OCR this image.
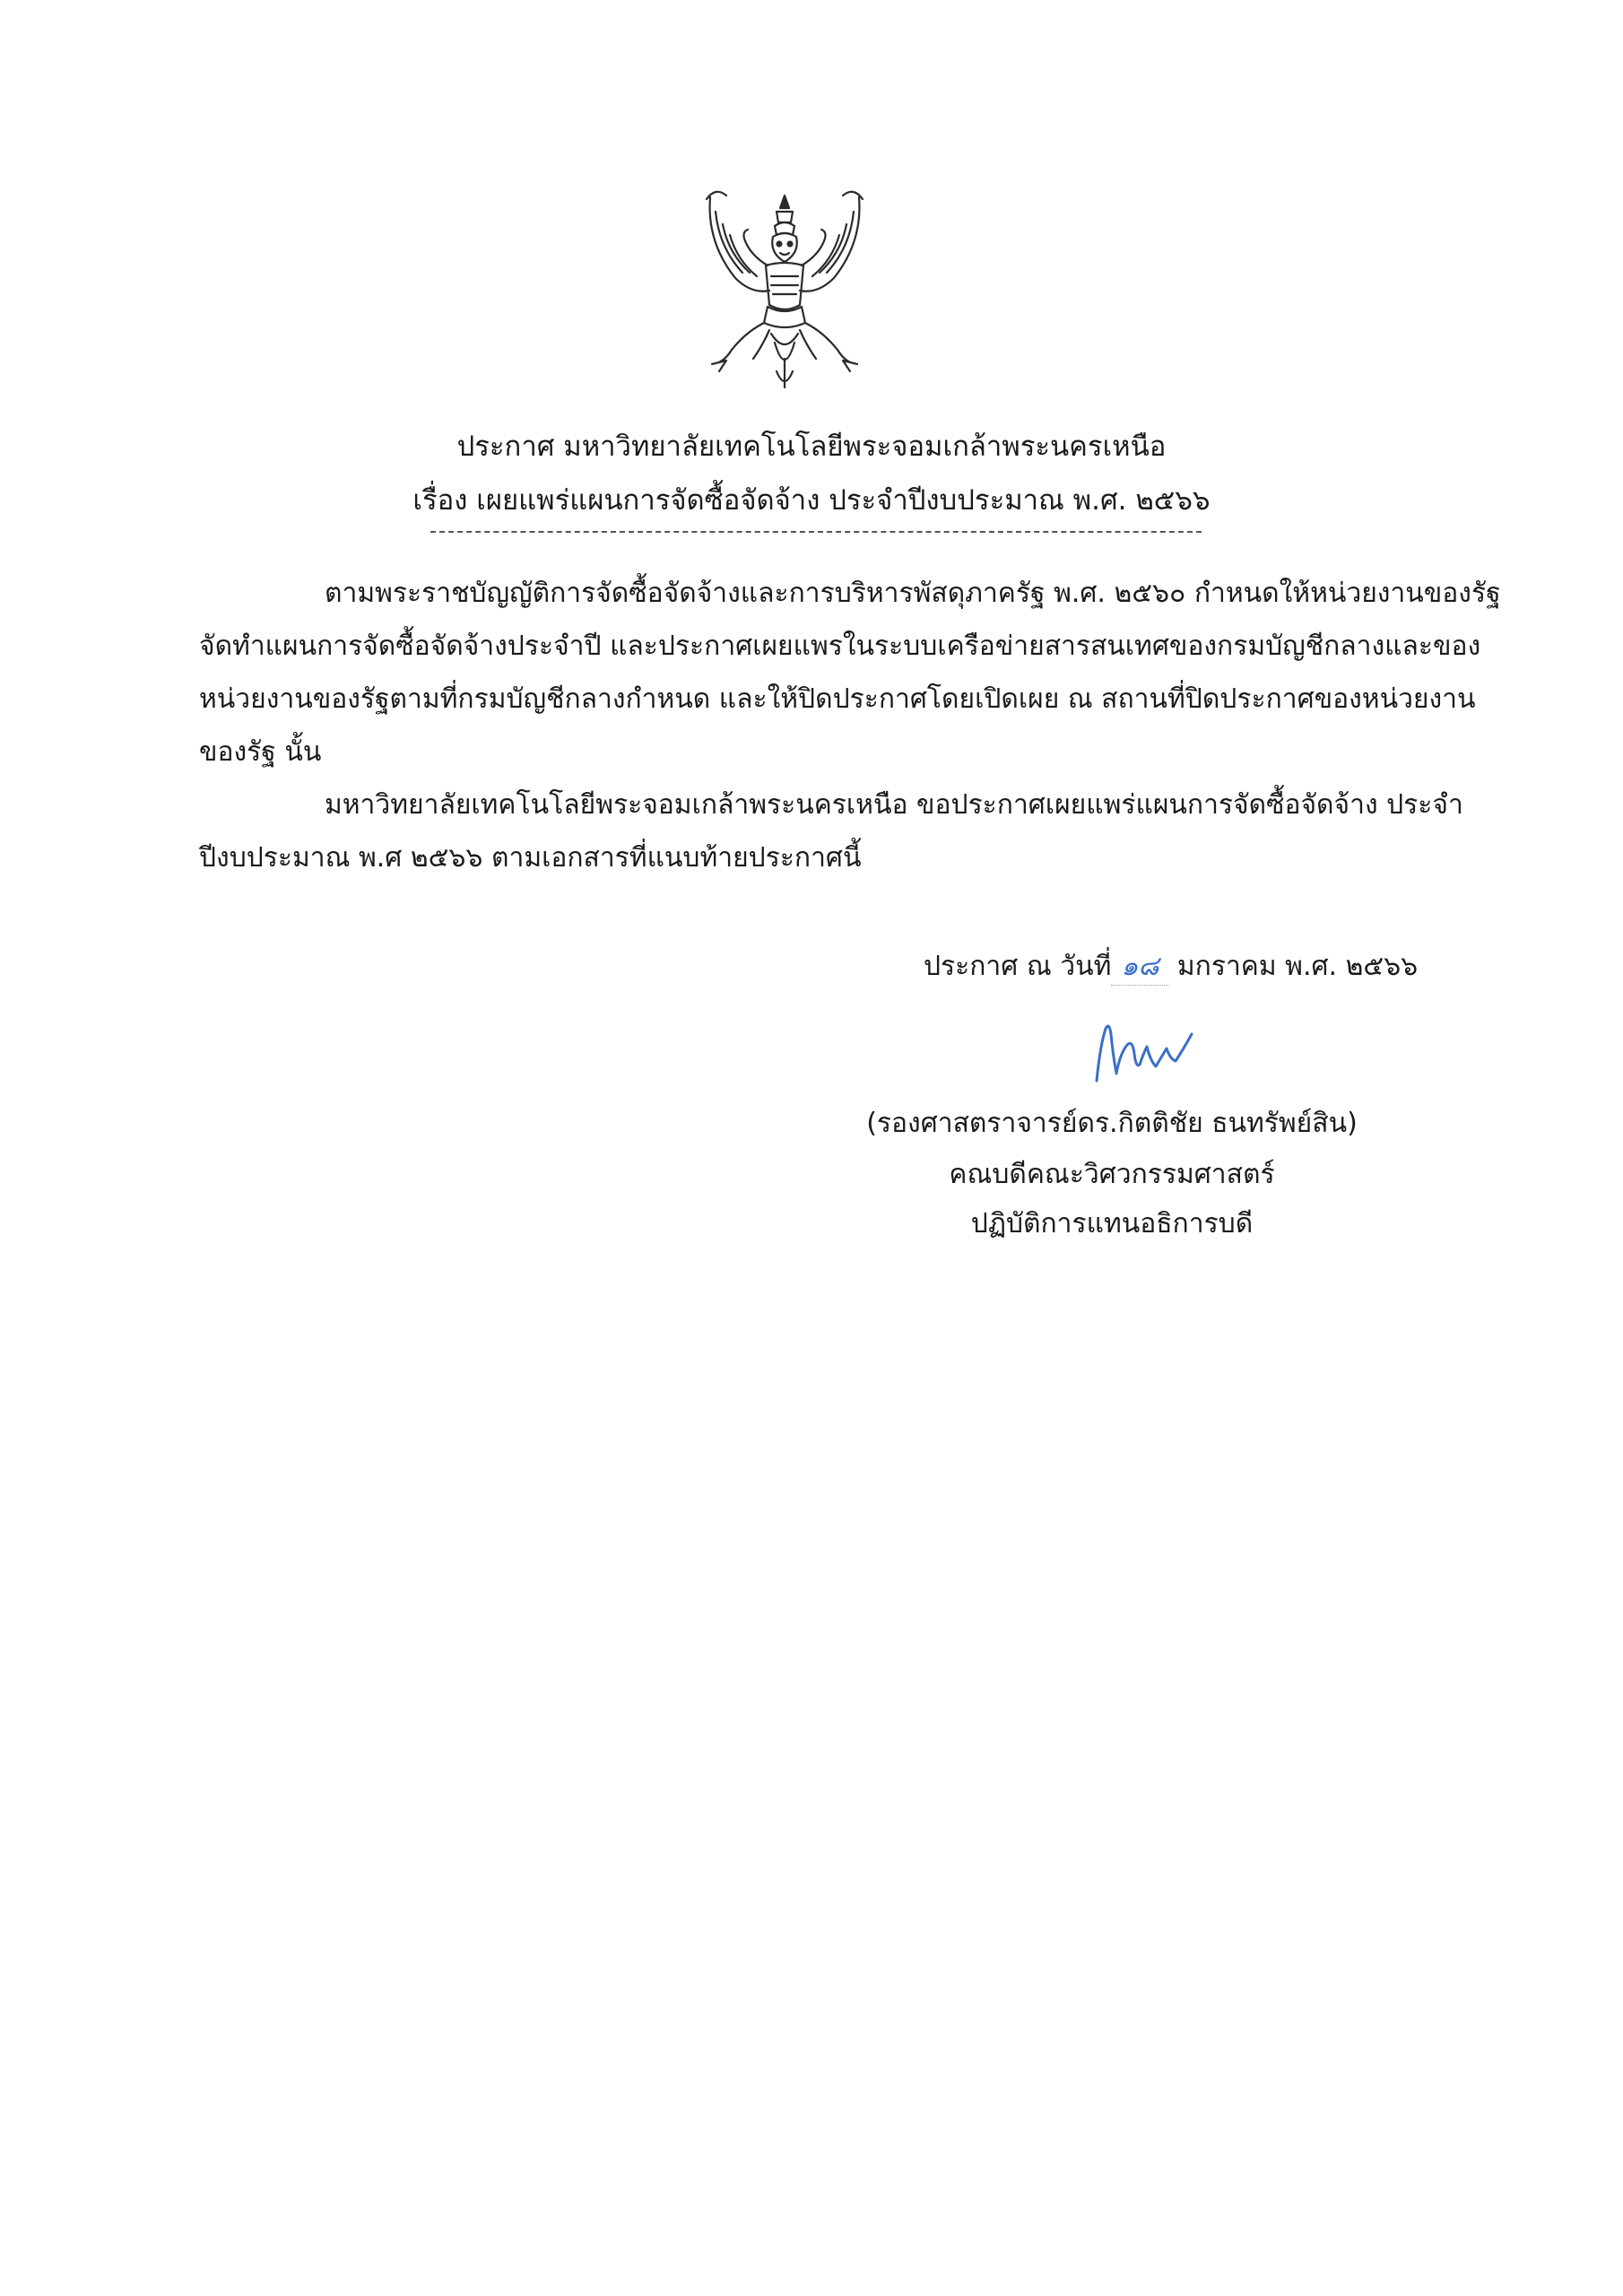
ประกาศ มหาวิทยาลัยเทคโนโลยีพระจอมเกล้าพระนครเหนือ
เรื่อง เผยแพร่แผนการจัดซื้อจัดจ้าง ประจำปีงบประมาณ พ.ศ. ๒๕๖๖
ตามพระราชบัญญัติการจัดซื้อจัดจ้างและการบริหารพัสดุภาครัฐ พ.ศ. ๒๕๖๐ กำหนดให้หน่วยงานของรัฐ
จัดทำแผนการจัดซื้อจัดจ้างประจำปี และประกาศเผยแพรในระบบเครือข่ายสารสนเทศของกรมบัญชีกลางและของ
หน่วยงานของรัฐตามที่กรมบัญชีกลางกำหนด และให้ปิดประกาศโดยเปิดเผย ณ สถานที่ปิดประกาศของหน่วยงาน
ของรัฐ นั้น
มหาวิทยาลัยเทคโนโลยีพระจอมเกล้าพระนครเหนือ ขอประกาศเผยแพร่แผนการจัดซื้อจัดจ้าง ประจำ
ปีงบประมาณ พ.ศ ๒๕๖๖ ตามเอกสารที่แนบท้ายประกาศนี้
ประกาศ ณ วันที่ ๑๘ มกราคม พ.ศ. ๒๕๖๖
(รองศาสตราจารย์ดร.กิตติชัย ธนทรัพย์สิน)
คณบดีคณะวิศวกรรมศาสตร์
ปฏิบัติการแทนอธิการบดี
